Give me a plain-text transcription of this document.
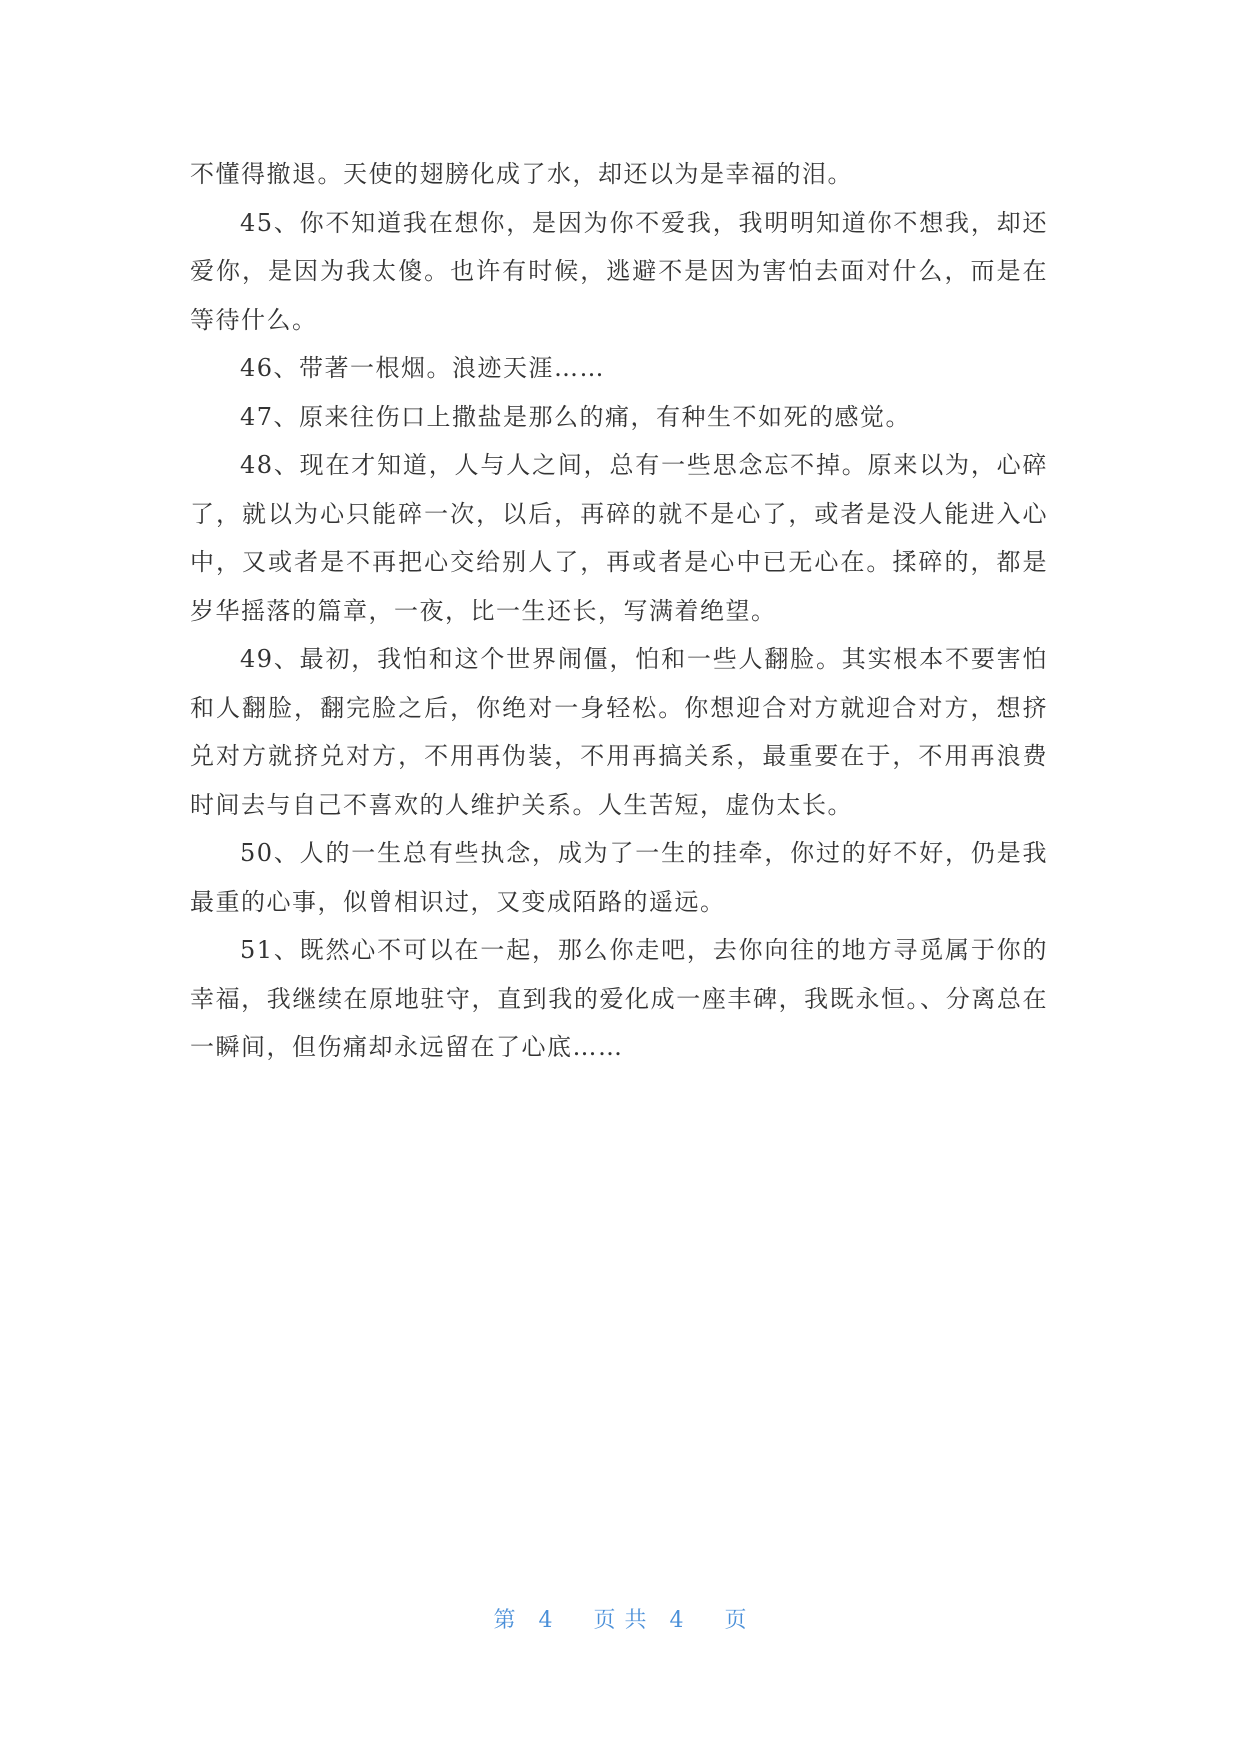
不懂得撤退。天使的翅膀化成了水，却还以为是幸福的泪。

45、你不知道我在想你，是因为你不爱我，我明明知道你不想我，却还爱你，是因为我太傻。也许有时候，逃避不是因为害怕去面对什么，而是在等待什么。

46、带著一根烟。浪迹天涯……

47、原来往伤口上撒盐是那么的痛，有种生不如死的感觉。

48、现在才知道，人与人之间，总有一些思念忘不掉。原来以为，心碎了，就以为心只能碎一次，以后，再碎的就不是心了，或者是没人能进入心中，又或者是不再把心交给别人了，再或者是心中已无心在。揉碎的，都是岁华摇落的篇章，一夜，比一生还长，写满着绝望。

49、最初，我怕和这个世界闹僵，怕和一些人翻脸。其实根本不要害怕和人翻脸，翻完脸之后，你绝对一身轻松。你想迎合对方就迎合对方，想挤兑对方就挤兑对方，不用再伪装，不用再搞关系，最重要在于，不用再浪费时间去与自己不喜欢的人维护关系。人生苦短，虚伪太长。

50、人的一生总有些执念，成为了一生的挂牵，你过的好不好，仍是我最重的心事，似曾相识过，又变成陌路的遥远。

51、既然心不可以在一起，那么你走吧，去你向往的地方寻觅属于你的幸福，我继续在原地驻守，直到我的爱化成一座丰碑，我既永恒。、分离总在一瞬间，但伤痛却永远留在了心底……

第 4 页 共 4 页
